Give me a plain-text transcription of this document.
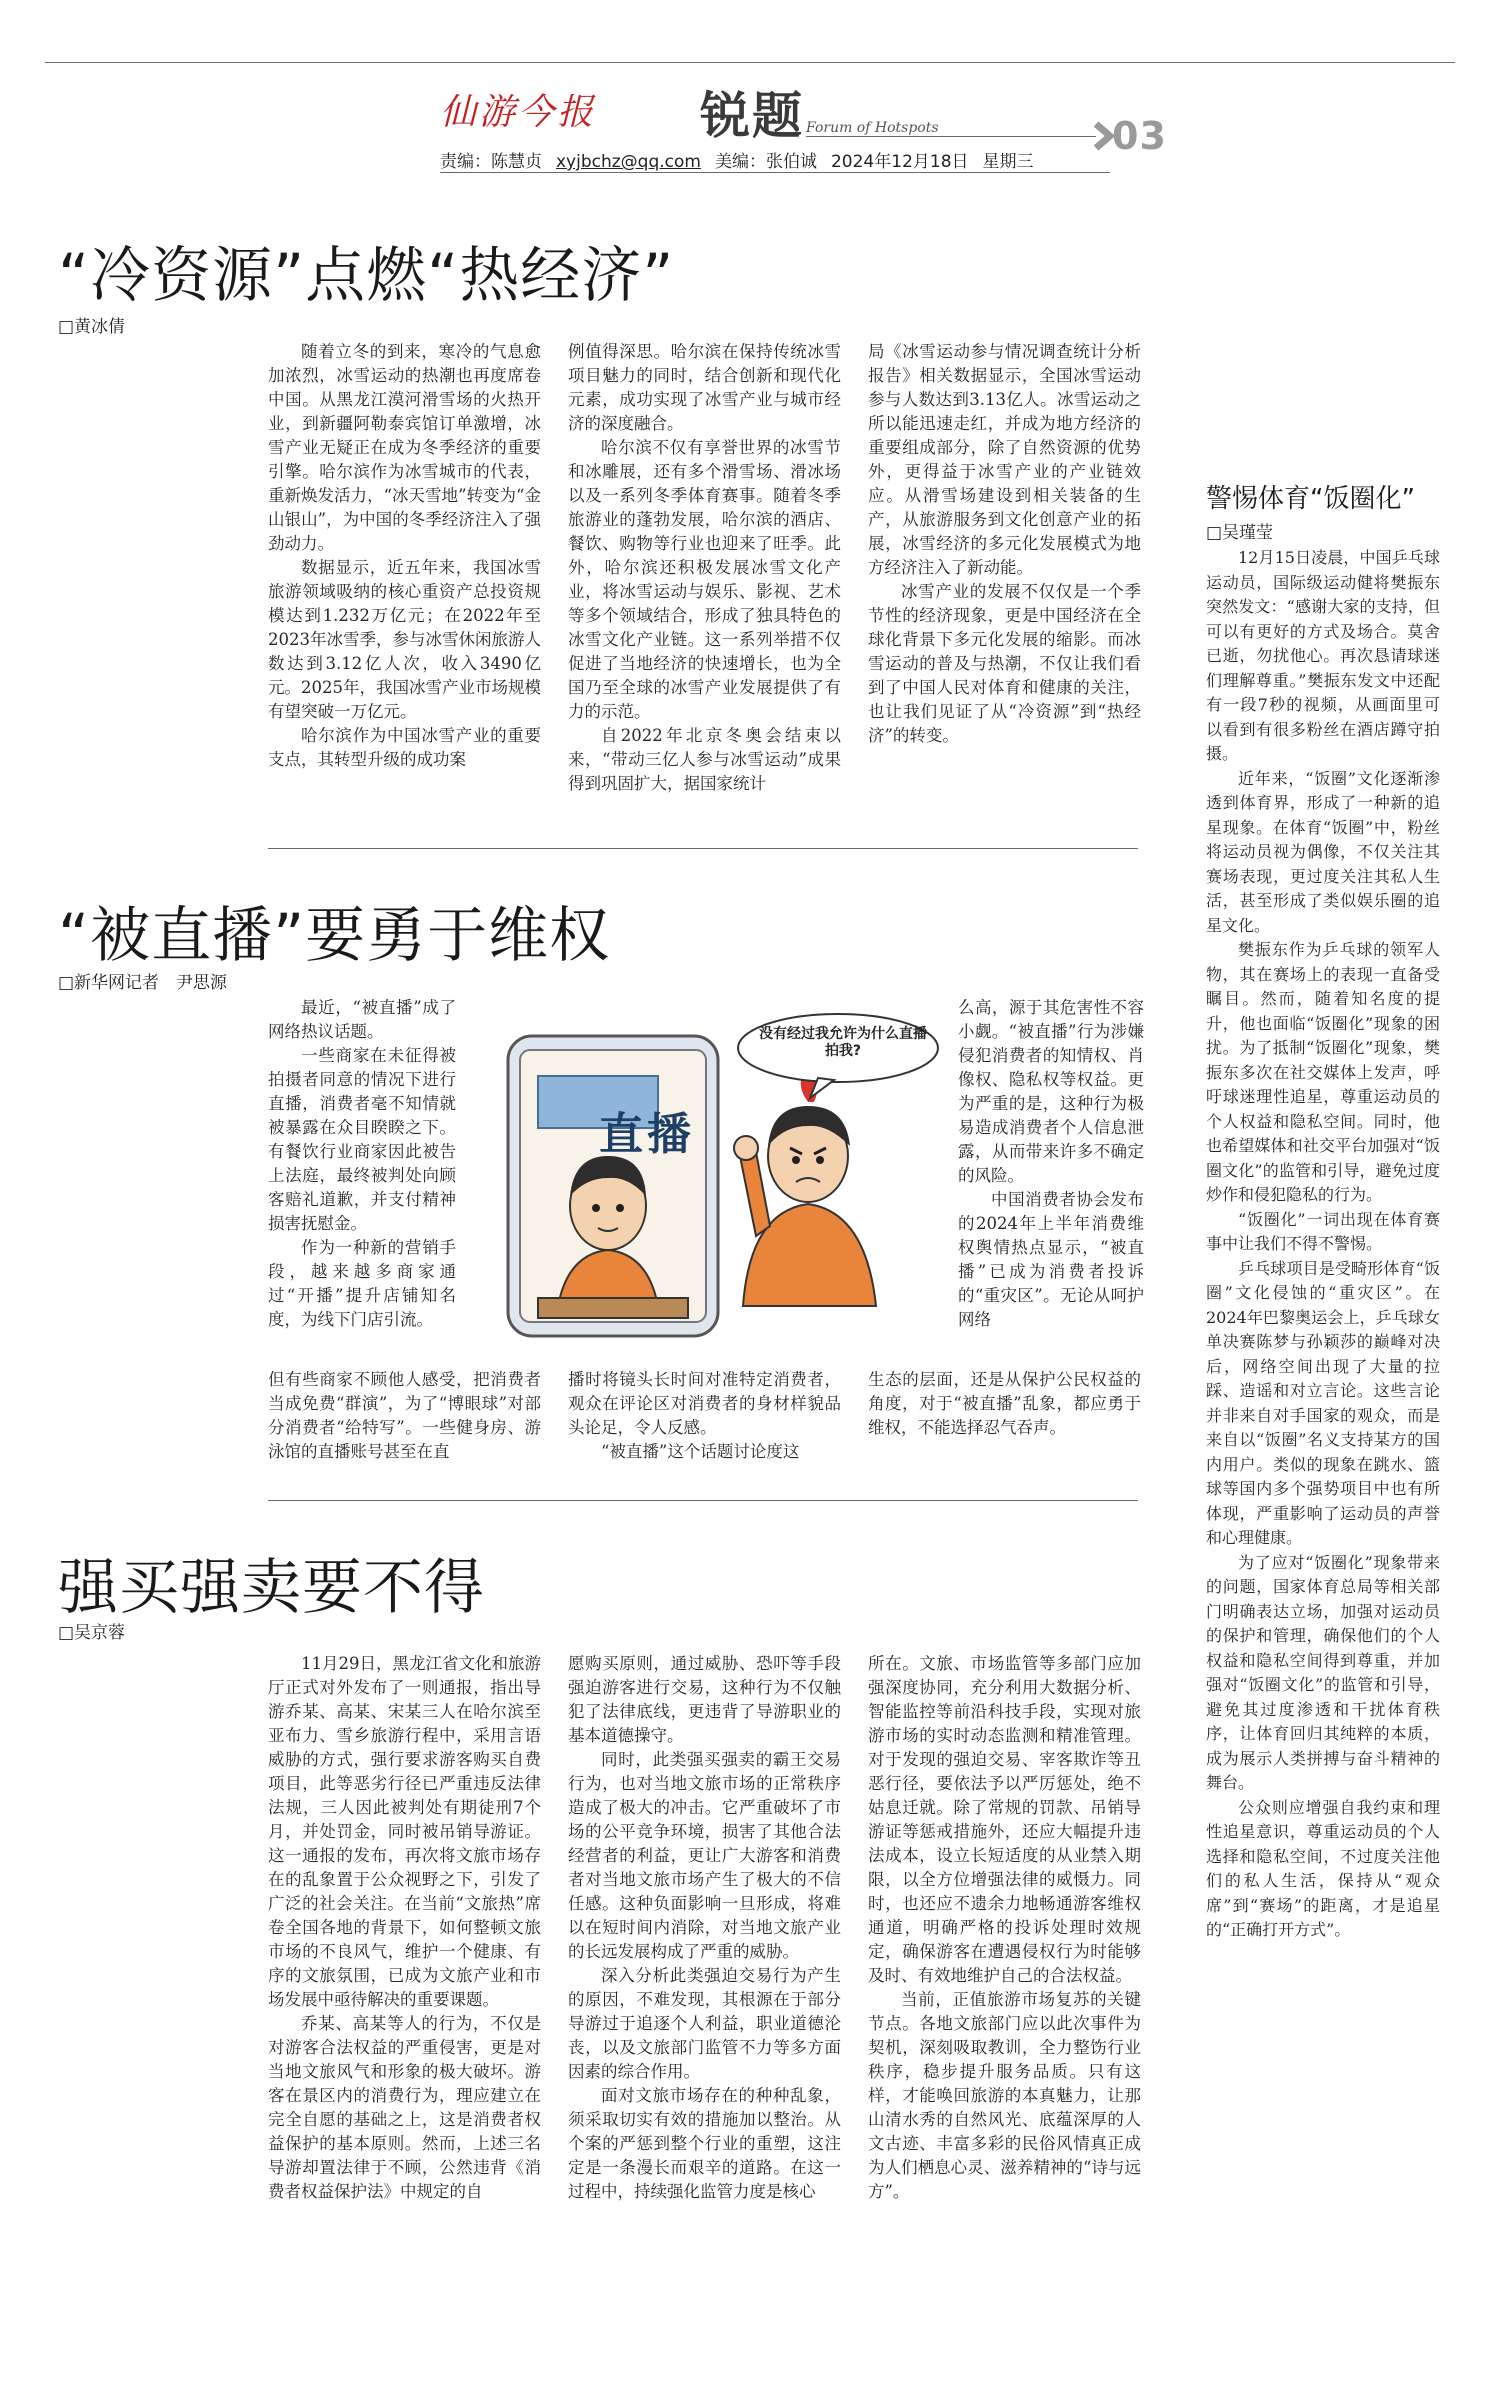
仙游今报 锐题 Forum of Hotspots	03
责编：陈慧贞 xyjbchz@qq.com 美编：张伯诚 2024年12月18日 星期三
“冷资源”点燃“热经济”
□黄冰倩

随着立冬的到来，寒冷的气息愈加浓烈，冰雪运动的热潮也再度席卷中国。从黑龙江漠河滑雪场的火热开业，到新疆阿勒泰宾馆订单激增，冰雪产业无疑正在成为冬季经济的重要引擎。哈尔滨作为冰雪城市的代表，重新焕发活力，“冰天雪地”转变为“金山银山”，为中国的冬季经济注入了强劲动力。

数据显示，近五年来，我国冰雪旅游领域吸纳的核心重资产总投资规模达到1.232万亿元；在2022年至2023年冰雪季，参与冰雪休闲旅游人数达到3.12亿人次，收入3490亿元。2025年，我国冰雪产业市场规模有望突破一万亿元。

哈尔滨作为中国冰雪产业的重要支点，其转型升级的成功案

例值得深思。哈尔滨在保持传统冰雪项目魅力的同时，结合创新和现代化元素，成功实现了冰雪产业与城市经济的深度融合。

哈尔滨不仅有享誉世界的冰雪节和冰雕展，还有多个滑雪场、滑冰场以及一系列冬季体育赛事。随着冬季旅游业的蓬勃发展，哈尔滨的酒店、餐饮、购物等行业也迎来了旺季。此外，哈尔滨还积极发展冰雪文化产业，将冰雪运动与娱乐、影视、艺术等多个领域结合，形成了独具特色的冰雪文化产业链。这一系列举措不仅促进了当地经济的快速增长，也为全国乃至全球的冰雪产业发展提供了有力的示范。

自2022年北京冬奥会结束以来，“带动三亿人参与冰雪运动”成果得到巩固扩大，据国家统计

局《冰雪运动参与情况调查统计分析报告》相关数据显示，全国冰雪运动参与人数达到3.13亿人。冰雪运动之所以能迅速走红，并成为地方经济的重要组成部分，除了自然资源的优势外，更得益于冰雪产业的产业链效应。从滑雪场建设到相关装备的生产，从旅游服务到文化创意产业的拓展，冰雪经济的多元化发展模式为地方经济注入了新动能。

冰雪产业的发展不仅仅是一个季节性的经济现象，更是中国经济在全球化背景下多元化发展的缩影。而冰雪运动的普及与热潮，不仅让我们看到了中国人民对体育和健康的关注，也让我们见证了从“冷资源”到“热经济”的转变。

“被直播”要勇于维权
□新华网记者　尹思源

最近，“被直播”成了网络热议话题。

一些商家在未征得被拍摄者同意的情况下进行直播，消费者毫不知情就被暴露在众目睽睽之下。有餐饮行业商家因此被告上法庭，最终被判处向顾客赔礼道歉，并支付精神损害抚慰金。

作为一种新的营销手段，越来越多商家通过“开播”提升店铺知名度，为线下门店引流。

直播
没有经过我允许为什么直播拍我?

么高，源于其危害性不容小觑。“被直播”行为涉嫌侵犯消费者的知情权、肖像权、隐私权等权益。更为严重的是，这种行为极易造成消费者个人信息泄露，从而带来许多不确定的风险。

中国消费者协会发布的2024年上半年消费维权舆情热点显示，“被直播”已成为消费者投诉的“重灾区”。无论从呵护网络

但有些商家不顾他人感受，把消费者当成免费“群演”，为了“博眼球”对部分消费者“给特写”。一些健身房、游泳馆的直播账号甚至在直

播时将镜头长时间对准特定消费者，观众在评论区对消费者的身材样貌品头论足，令人反感。

“被直播”这个话题讨论度这

生态的层面，还是从保护公民权益的角度，对于“被直播”乱象，都应勇于维权，不能选择忍气吞声。

强买强卖要不得
□吴京蓉

11月29日，黑龙江省文化和旅游厅正式对外发布了一则通报，指出导游乔某、高某、宋某三人在哈尔滨至亚布力、雪乡旅游行程中，采用言语威胁的方式，强行要求游客购买自费项目，此等恶劣行径已严重违反法律法规，三人因此被判处有期徒刑7个月，并处罚金，同时被吊销导游证。这一通报的发布，再次将文旅市场存在的乱象置于公众视野之下，引发了广泛的社会关注。在当前“文旅热”席卷全国各地的背景下，如何整顿文旅市场的不良风气，维护一个健康、有序的文旅氛围，已成为文旅产业和市场发展中亟待解决的重要课题。

乔某、高某等人的行为，不仅是对游客合法权益的严重侵害，更是对当地文旅风气和形象的极大破坏。游客在景区内的消费行为，理应建立在完全自愿的基础之上，这是消费者权益保护的基本原则。然而，上述三名导游却置法律于不顾，公然违背《消费者权益保护法》中规定的自

愿购买原则，通过威胁、恐吓等手段强迫游客进行交易，这种行为不仅触犯了法律底线，更违背了导游职业的基本道德操守。

同时，此类强买强卖的霸王交易行为，也对当地文旅市场的正常秩序造成了极大的冲击。它严重破坏了市场的公平竞争环境，损害了其他合法经营者的利益，更让广大游客和消费者对当地文旅市场产生了极大的不信任感。这种负面影响一旦形成，将难以在短时间内消除，对当地文旅产业的长远发展构成了严重的威胁。

深入分析此类强迫交易行为产生的原因，不难发现，其根源在于部分导游过于追逐个人利益，职业道德沦丧，以及文旅部门监管不力等多方面因素的综合作用。

面对文旅市场存在的种种乱象，须采取切实有效的措施加以整治。从个案的严惩到整个行业的重塑，这注定是一条漫长而艰辛的道路。在这一过程中，持续强化监管力度是核心

所在。文旅、市场监管等多部门应加强深度协同，充分利用大数据分析、智能监控等前沿科技手段，实现对旅游市场的实时动态监测和精准管理。对于发现的强迫交易、宰客欺诈等丑恶行径，要依法予以严厉惩处，绝不姑息迁就。除了常规的罚款、吊销导游证等惩戒措施外，还应大幅提升违法成本，设立长短适度的从业禁入期限，以全方位增强法律的威慑力。同时，也还应不遗余力地畅通游客维权通道，明确严格的投诉处理时效规定，确保游客在遭遇侵权行为时能够及时、有效地维护自己的合法权益。

当前，正值旅游市场复苏的关键节点。各地文旅部门应以此次事件为契机，深刻吸取教训，全力整饬行业秩序，稳步提升服务品质。只有这样，才能唤回旅游的本真魅力，让那山清水秀的自然风光、底蕴深厚的人文古迹、丰富多彩的民俗风情真正成为人们栖息心灵、滋养精神的“诗与远方”。

警惕体育“饭圈化”
□吴瑾莹

12月15日凌晨，中国乒乓球运动员，国际级运动健将樊振东突然发文：“感谢大家的支持，但可以有更好的方式及场合。莫舍已逝，勿扰他心。再次恳请球迷们理解尊重。”樊振东发文中还配有一段7秒的视频，从画面里可以看到有很多粉丝在酒店蹲守拍摄。

近年来，“饭圈”文化逐渐渗透到体育界，形成了一种新的追星现象。在体育“饭圈”中，粉丝将运动员视为偶像，不仅关注其赛场表现，更过度关注其私人生活，甚至形成了类似娱乐圈的追星文化。

樊振东作为乒乓球的领军人物，其在赛场上的表现一直备受瞩目。然而，随着知名度的提升，他也面临“饭圈化”现象的困扰。为了抵制“饭圈化”现象，樊振东多次在社交媒体上发声，呼吁球迷理性追星，尊重运动员的个人权益和隐私空间。同时，他也希望媒体和社交平台加强对“饭圈文化”的监管和引导，避免过度炒作和侵犯隐私的行为。

“饭圈化”一词出现在体育赛事中让我们不得不警惕。

乒乓球项目是受畸形体育“饭圈”文化侵蚀的“重灾区”。在2024年巴黎奥运会上，乒乓球女单决赛陈梦与孙颖莎的巅峰对决后，网络空间出现了大量的拉踩、造谣和对立言论。这些言论并非来自对手国家的观众，而是来自以“饭圈”名义支持某方的国内用户。类似的现象在跳水、篮球等国内多个强势项目中也有所体现，严重影响了运动员的声誉和心理健康。

为了应对“饭圈化”现象带来的问题，国家体育总局等相关部门明确表达立场，加强对运动员的保护和管理，确保他们的个人权益和隐私空间得到尊重，并加强对“饭圈文化”的监管和引导，避免其过度渗透和干扰体育秩序，让体育回归其纯粹的本质，成为展示人类拼搏与奋斗精神的舞台。

公众则应增强自我约束和理性追星意识，尊重运动员的个人选择和隐私空间，不过度关注他们的私人生活，保持从“观众席”到“赛场”的距离，才是追星的“正确打开方式”。
